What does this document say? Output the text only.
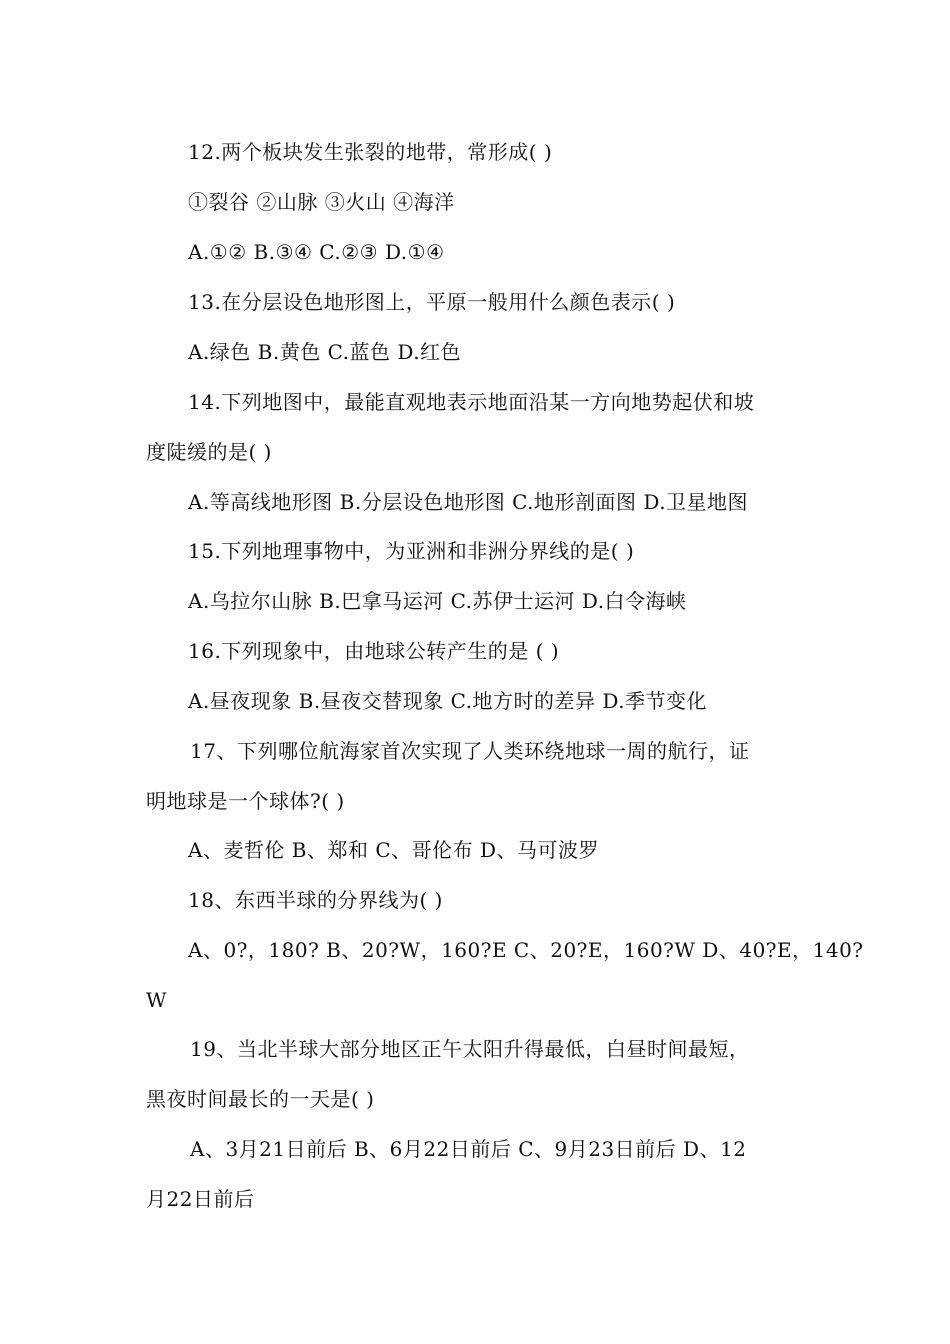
12.两个板块发生张裂的地带，常形成( )
①裂谷 ②山脉 ③火山 ④海洋
A.①② B.③④ C.②③ D.①④
13.在分层设色地形图上，平原一般用什么颜色表示( )
A.绿色 B.黄色 C.蓝色 D.红色
14.下列地图中，最能直观地表示地面沿某一方向地势起伏和坡
度陡缓的是( )
A.等高线地形图 B.分层设色地形图 C.地形剖面图 D.卫星地图
15.下列地理事物中，为亚洲和非洲分界线的是( )
A.乌拉尔山脉 B.巴拿马运河 C.苏伊士运河 D.白令海峡
16.下列现象中，由地球公转产生的是 ( )
A.昼夜现象 B.昼夜交替现象 C.地方时的差异 D.季节变化
17、下列哪位航海家首次实现了人类环绕地球一周的航行，证
明地球是一个球体?( )
A、麦哲伦 B、郑和 C、哥伦布 D、马可波罗
18、东西半球的分界线为( )
A、0?，180? B、20?W，160?E C、20?E，160?W D、40?E，140?
W
19、当北半球大部分地区正午太阳升得最低，白昼时间最短，
黑夜时间最长的一天是( )
A、3月21日前后 B、6月22日前后 C、9月23日前后 D、12
月22日前后
